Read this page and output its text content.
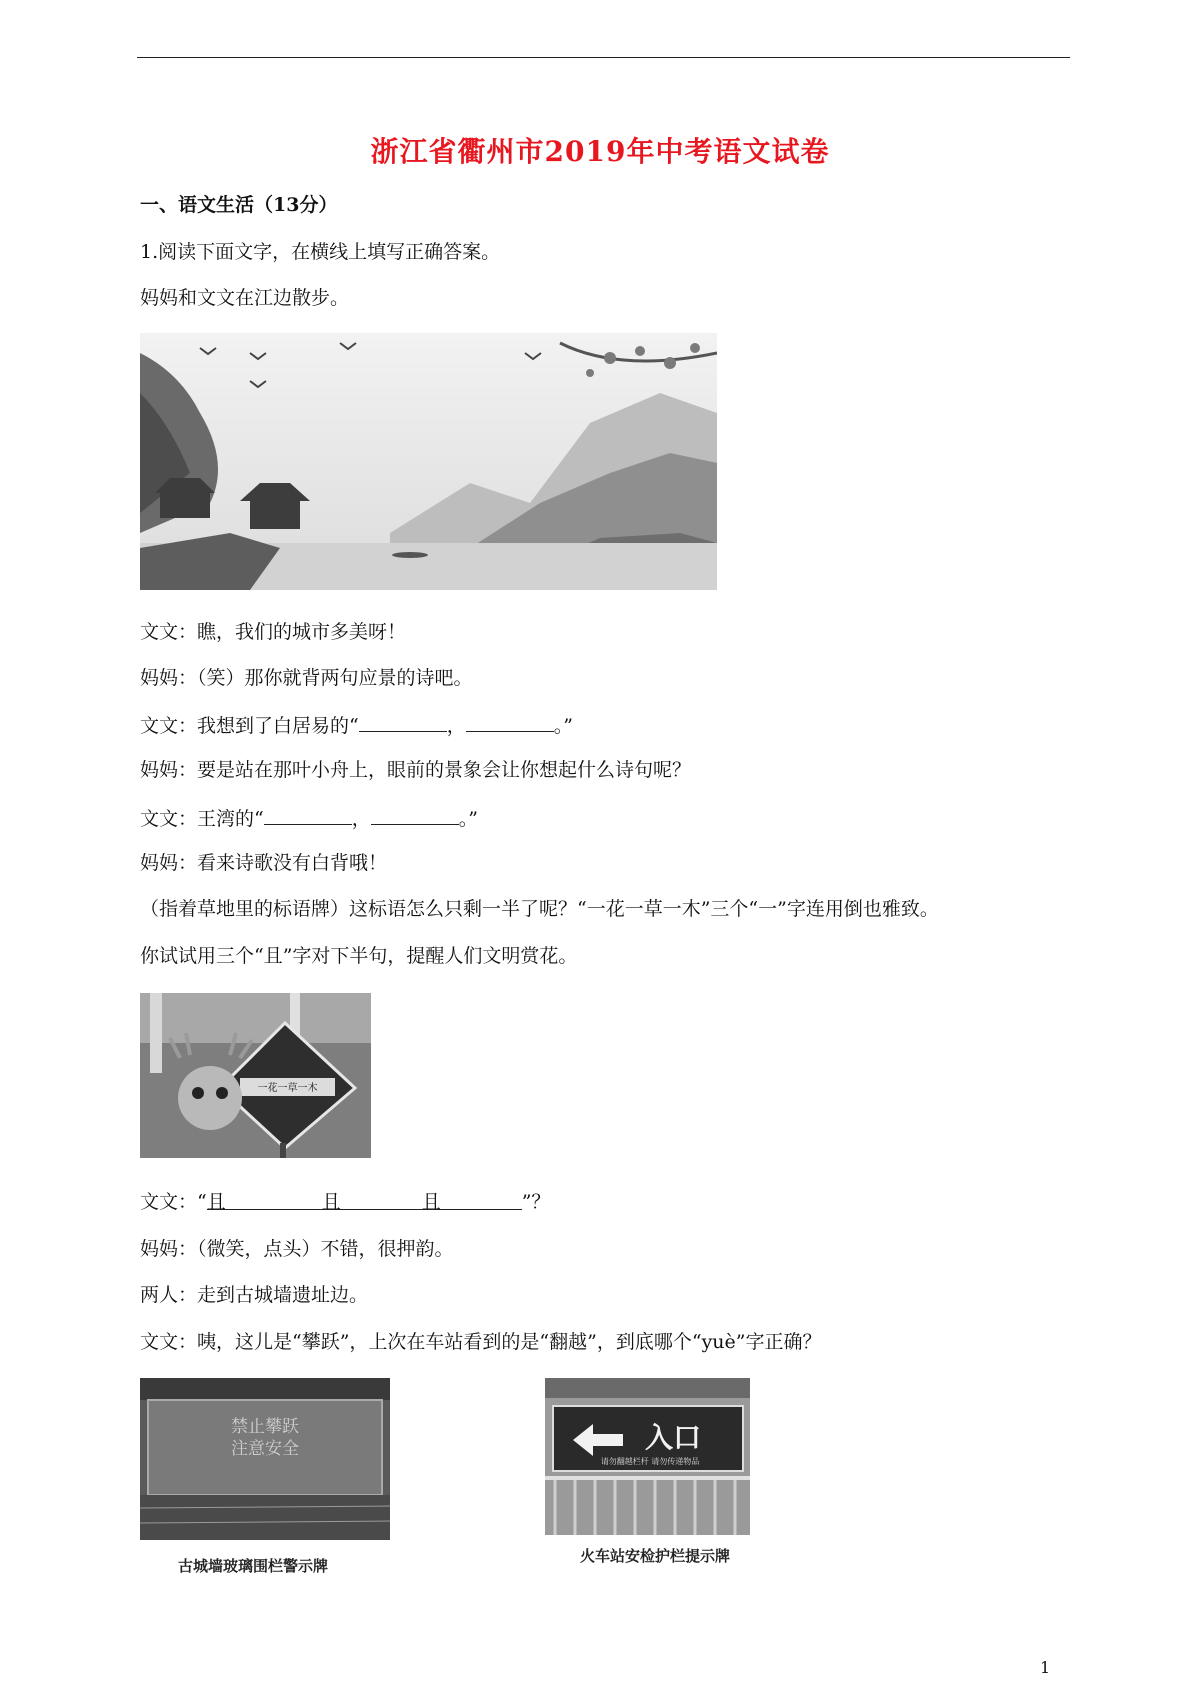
浙江省衢州市2019年中考语文试卷
一、语文生活（13分）
1.阅读下面文字，在横线上填写正确答案。
妈妈和文文在江边散步。
文文：瞧，我们的城市多美呀！
妈妈：（笑）那你就背两句应景的诗吧。
文文：我想到了白居易的“	，	。”
妈妈：要是站在那叶小舟上，眼前的景象会让你想起什么诗句呢？
文文：王湾的“	，	。”
妈妈：看来诗歌没有白背哦！
（指着草地里的标语牌）这标语怎么只剩一半了呢？“一花一草一木”三个“一”字连用倒也雅致。
你试试用三个“且”字对下半句，提醒人们文明赏花。
一花一草一木
文文：“且	且	且	”？
妈妈：（微笑，点头）不错，很押韵。
两人：走到古城墙遗址边。
文文：咦，这儿是“攀跃”，上次在车站看到的是“翻越”，到底哪个“yuè”字正确？
禁止攀跃
注意安全
古城墙玻璃围栏警示牌
入口
请勿翻越栏杆 请勿传递物品
火车站安检护栏提示牌
1
